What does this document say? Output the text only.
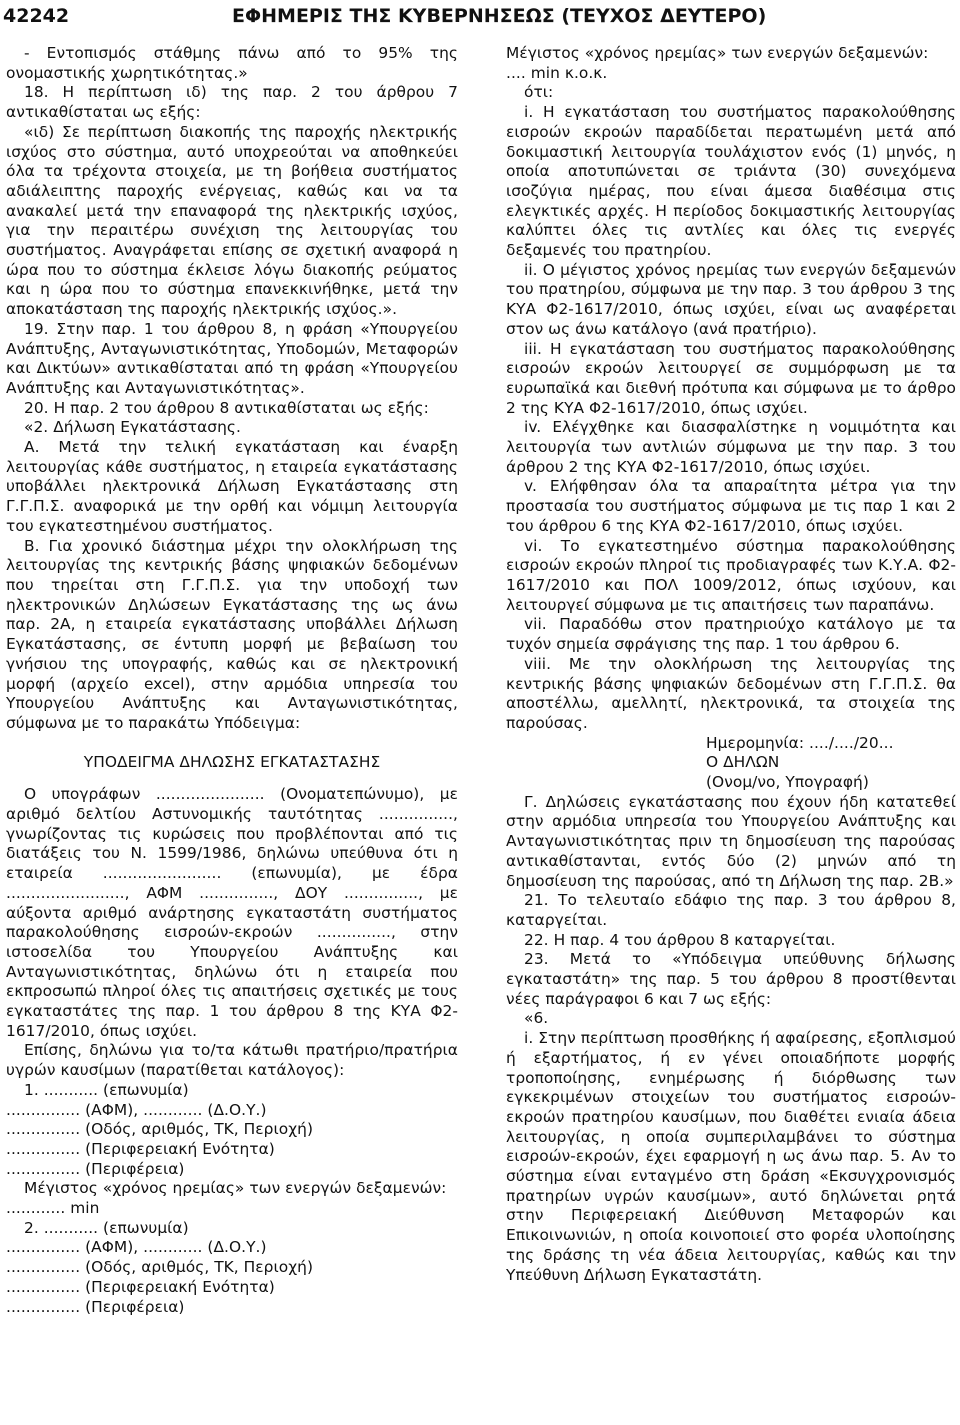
42242	ΕΦΗΜΕΡΙΣ ΤΗΣ ΚΥΒΕΡΝΗΣΕΩΣ (ΤΕΥΧΟΣ ΔΕΥΤΕΡΟ)

- Εντοπισμός στάθμης πάνω από το 95% της ονομαστικής χωρητικότητας.»

18. Η περίπτωση ιδ) της παρ. 2 του άρθρου 7 αντικαθίσταται ως εξής:

«ιδ) Σε περίπτωση διακοπής της παροχής ηλεκτρικής ισχύος στο σύστημα, αυτό υποχρεούται να αποθηκεύει όλα τα τρέχοντα στοιχεία, με τη βοήθεια συστήματος αδιάλειπτης παροχής ενέργειας, καθώς και να τα ανακαλεί μετά την επαναφορά της ηλεκτρικής ισχύος, για την περαιτέρω συνέχιση της λειτουργίας του συστήματος. Αναγράφεται επίσης σε σχετική αναφορά η ώρα που το σύστημα έκλεισε λόγω διακοπής ρεύματος και η ώρα που το σύστημα επανεκκινήθηκε, μετά την αποκατάσταση της παροχής ηλεκτρικής ισχύος.».

19. Στην παρ. 1 του άρθρου 8, η φράση «Υπουργείου Ανάπτυξης, Ανταγωνιστικότητας, Υποδομών, Μεταφορών και Δικτύων» αντικαθίσταται από τη φράση «Υπουργείου Ανάπτυξης και Ανταγωνιστικότητας».

20. Η παρ. 2 του άρθρου 8 αντικαθίσταται ως εξής:

«2. Δήλωση Εγκατάστασης.

Α. Μετά την τελική εγκατάσταση και έναρξη λειτουργίας κάθε συστήματος, η εταιρεία εγκατάστασης υποβάλλει ηλεκτρονικά Δήλωση Εγκατάστασης στη Γ.Γ.Π.Σ. αναφορικά με την ορθή και νόμιμη λειτουργία του εγκατεστημένου συστήματος.

Β. Για χρονικό διάστημα μέχρι την ολοκλήρωση της λειτουργίας της κεντρικής βάσης ψηφιακών δεδομένων που τηρείται στη Γ.Γ.Π.Σ. για την υποδοχή των ηλεκτρονικών Δηλώσεων Εγκατάστασης της ως άνω παρ. 2Α, η εταιρεία εγκατάστασης υποβάλλει Δήλωση Εγκατάστασης, σε έντυπη μορφή με βεβαίωση του γνήσιου της υπογραφής, καθώς και σε ηλεκτρονική μορφή (αρχείο excel), στην αρμόδια υπηρεσία του Υπουργείου Ανάπτυξης και Ανταγωνιστικότητας, σύμφωνα με το παρακάτω Υπόδειγμα:

ΥΠΟΔΕΙΓΜΑ ΔΗΛΩΣΗΣ ΕΓΚΑΤΑΣΤΑΣΗΣ

Ο υπογράφων ...................... (Ονοματεπώνυμο), με αριθμό δελτίου Αστυνομικής ταυτότητας ..............., γνωρίζοντας τις κυρώσεις που προβλέπονται από τις διατάξεις του Ν. 1599/1986, δηλώνω υπεύθυνα ότι η εταιρεία ........................ (επωνυμία), με έδρα ........................, ΑΦΜ ..............., ΔΟΥ ..............., με αύξοντα αριθμό ανάρτησης εγκαταστάτη συστήματος παρακολούθησης εισροών-εκροών ..............., στην ιστοσελίδα του Υπουργείου Ανάπτυξης και Ανταγωνιστικότητας, δηλώνω ότι η εταιρεία που εκπροσωπώ πληροί όλες τις απαιτήσεις σχετικές με τους εγκαταστάτες της παρ. 1 του άρθρου 8 της ΚΥΑ Φ2-1617/2010, όπως ισχύει.

Επίσης, δηλώνω για το/τα κάτωθι πρατήριο/πρατήρια υγρών καυσίμων (παρατίθεται κατάλογος):

1. ........... (επωνυμία)

............... (ΑΦΜ), ............ (Δ.Ο.Υ.)

............... (Οδός, αριθμός, ΤΚ, Περιοχή)

............... (Περιφερειακή Ενότητα)

............... (Περιφέρεια)

Μέγιστος «χρόνος ηρεμίας» των ενεργών δεξαμενών:

............ min

2. ........... (επωνυμία)

............... (ΑΦΜ), ............ (Δ.Ο.Υ.)

............... (Οδός, αριθμός, ΤΚ, Περιοχή)

............... (Περιφερειακή Ενότητα)

............... (Περιφέρεια)

Μέγιστος «χρόνος ηρεμίας» των ενεργών δεξαμενών:

.... min κ.ο.κ.

ότι:

i. Η εγκατάσταση του συστήματος παρακολούθησης εισροών εκροών παραδίδεται περατωμένη μετά από δοκιμαστική λειτουργία τουλάχιστον ενός (1) μηνός, η οποία αποτυπώνεται σε τριάντα (30) συνεχόμενα ισοζύγια ημέρας, που είναι άμεσα διαθέσιμα στις ελεγκτικές αρχές. Η περίοδος δοκιμαστικής λειτουργίας καλύπτει όλες τις αντλίες και όλες τις ενεργές δεξαμενές του πρατηρίου.

ii. Ο μέγιστος χρόνος ηρεμίας των ενεργών δεξαμενών του πρατηρίου, σύμφωνα με την παρ. 3 του άρθρου 3 της ΚΥΑ Φ2-1617/2010, όπως ισχύει, είναι ως αναφέρεται στον ως άνω κατάλογο (ανά πρατήριο).

iii. Η εγκατάσταση του συστήματος παρακολούθησης εισροών εκροών λειτουργεί σε συμμόρφωση με τα ευρωπαϊκά και διεθνή πρότυπα και σύμφωνα με το άρθρο 2 της ΚΥΑ Φ2-1617/2010, όπως ισχύει.

iv. Ελέγχθηκε και διασφαλίστηκε η νομιμότητα και λειτουργία των αντλιών σύμφωνα με την παρ. 3 του άρθρου 2 της ΚΥΑ Φ2-1617/2010, όπως ισχύει.

v. Ελήφθησαν όλα τα απαραίτητα μέτρα για την προστασία του συστήματος σύμφωνα με τις παρ 1 και 2 του άρθρου 6 της ΚΥΑ Φ2-1617/2010, όπως ισχύει.

vi. Το εγκατεστημένο σύστημα παρακολούθησης εισροών εκροών πληροί τις προδιαγραφές των Κ.Υ.Α. Φ2-1617/2010 και ΠΟΛ 1009/2012, όπως ισχύουν, και λειτουργεί σύμφωνα με τις απαιτήσεις των παραπάνω.

vii. Παραδόθω στον πρατηριούχο κατάλογο με τα τυχόν σημεία σφράγισης της παρ. 1 του άρθρου 6.

viii. Με την ολοκλήρωση της λειτουργίας της κεντρικής βάσης ψηφιακών δεδομένων στη Γ.Γ.Π.Σ. θα αποστέλλω, αμελλητί, ηλεκτρονικά, τα στοιχεία της παρούσας.

Ημερομηνία: ..../..../20...

Ο ΔΗΛΩΝ

(Ονομ/νο, Υπογραφή)

Γ. Δηλώσεις εγκατάστασης που έχουν ήδη κατατεθεί στην αρμόδια υπηρεσία του Υπουργείου Ανάπτυξης και Ανταγωνιστικότητας πριν τη δημοσίευση της παρούσας αντικαθίστανται, εντός δύο (2) μηνών από τη δημοσίευση της παρούσας, από τη Δήλωση της παρ. 2Β.»

21. Το τελευταίο εδάφιο της παρ. 3 του άρθρου 8, καταργείται.

22. Η παρ. 4 του άρθρου 8 καταργείται.

23. Μετά το «Υπόδειγμα υπεύθυνης δήλωσης εγκαταστάτη» της παρ. 5 του άρθρου 8 προστίθενται νέες παράγραφοι 6 και 7 ως εξής:

«6.

i. Στην περίπτωση προσθήκης ή αφαίρεσης, εξοπλισμού ή εξαρτήματος, ή εν γένει οποιαδήποτε μορφής τροποποίησης, ενημέρωσης ή διόρθωσης των εγκεκριμένων στοιχείων του συστήματος εισροών-εκροών πρατηρίου καυσίμων, που διαθέτει ενιαία άδεια λειτουργίας, η οποία συμπεριλαμβάνει το σύστημα εισροών-εκροών, έχει εφαρμογή η ως άνω παρ. 5. Αν το σύστημα είναι ενταγμένο στη δράση «Εκσυγχρονισμός πρατηρίων υγρών καυσίμων», αυτό δηλώνεται ρητά στην Περιφερειακή Διεύθυνση Μεταφορών και Επικοινωνιών, η οποία κοινοποιεί στο φορέα υλοποίησης της δράσης τη νέα άδεια λειτουργίας, καθώς και την Υπεύθυνη Δήλωση Εγκαταστάτη.
